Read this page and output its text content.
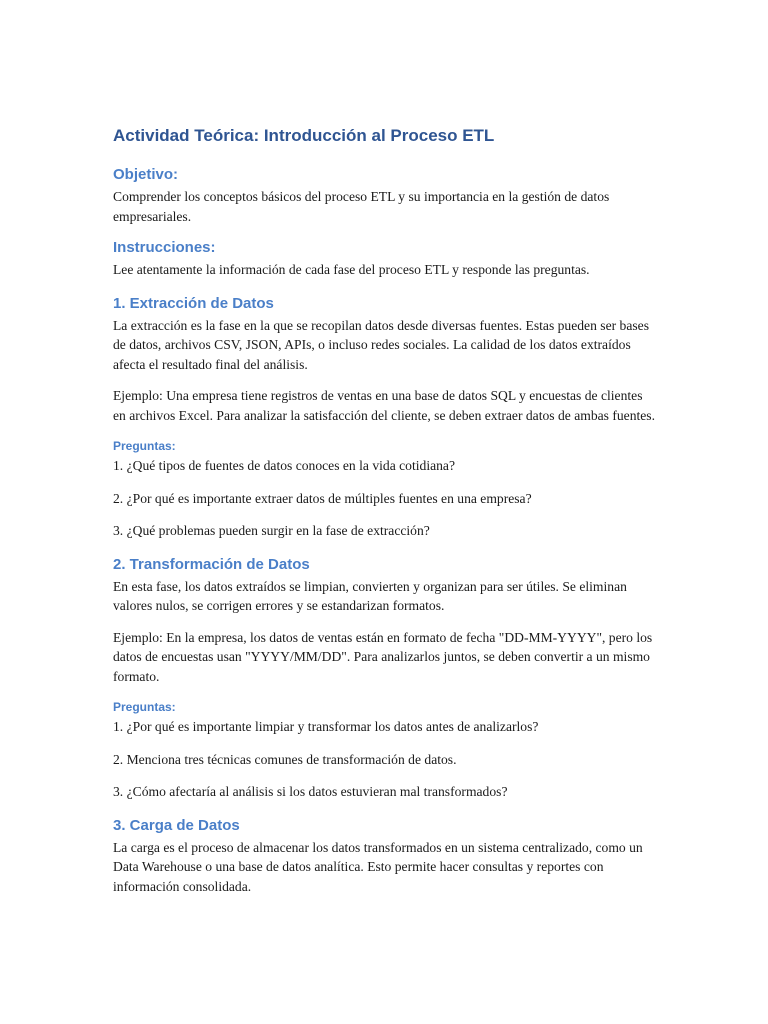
Actividad Teórica: Introducción al Proceso ETL
Objetivo:

Comprender los conceptos básicos del proceso ETL y su importancia en la gestión de datos empresariales.

Instrucciones:

Lee atentamente la información de cada fase del proceso ETL y responde las preguntas.

1. Extracción de Datos

La extracción es la fase en la que se recopilan datos desde diversas fuentes. Estas pueden ser bases de datos, archivos CSV, JSON, APIs, o incluso redes sociales. La calidad de los datos extraídos afecta el resultado final del análisis.

Ejemplo: Una empresa tiene registros de ventas en una base de datos SQL y encuestas de clientes en archivos Excel. Para analizar la satisfacción del cliente, se deben extraer datos de ambas fuentes.

Preguntas:

1. ¿Qué tipos de fuentes de datos conoces en la vida cotidiana?

2. ¿Por qué es importante extraer datos de múltiples fuentes en una empresa?

3. ¿Qué problemas pueden surgir en la fase de extracción?

2. Transformación de Datos

En esta fase, los datos extraídos se limpian, convierten y organizan para ser útiles. Se eliminan valores nulos, se corrigen errores y se estandarizan formatos.

Ejemplo: En la empresa, los datos de ventas están en formato de fecha "DD-MM-YYYY", pero los datos de encuestas usan "YYYY/MM/DD". Para analizarlos juntos, se deben convertir a un mismo formato.

Preguntas:

1. ¿Por qué es importante limpiar y transformar los datos antes de analizarlos?

2. Menciona tres técnicas comunes de transformación de datos.

3. ¿Cómo afectaría al análisis si los datos estuvieran mal transformados?

3. Carga de Datos

La carga es el proceso de almacenar los datos transformados en un sistema centralizado, como un Data Warehouse o una base de datos analítica. Esto permite hacer consultas y reportes con información consolidada.
